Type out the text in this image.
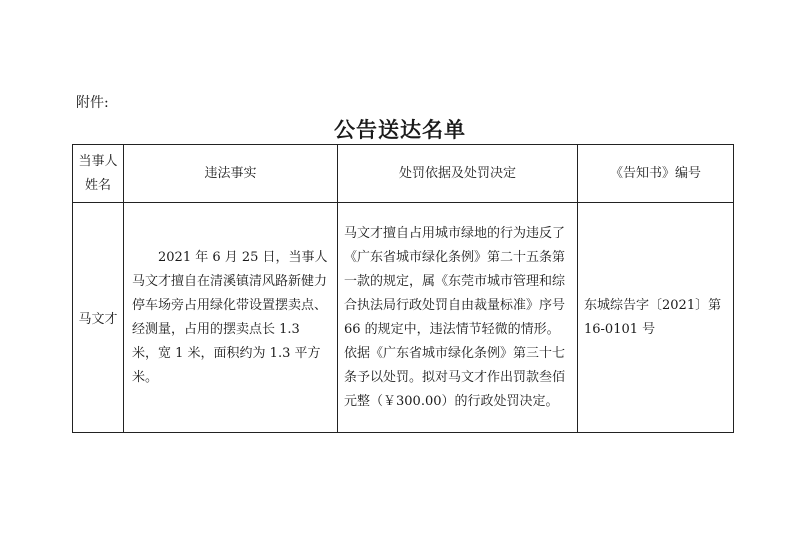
附件:
公告送达名单
当事人
姓名	违法事实	处罚依据及处罚决定	《告知书》编号
马文才	2021 年 6 月 25 日，当事人马文才擅自在清溪镇清风路新健力停车场旁占用绿化带设置摆卖点、经测量，占用的摆卖点长 1.3 米，宽 1 米，面积约为 1.3 平方米。	马文才擅自占用城市绿地的行为违反了《广东省城市绿化条例》第二十五条第一款的规定，属《东莞市城市管理和综合执法局行政处罚自由裁量标准》序号 66 的规定中，违法情节轻微的情形。依据《广东省城市绿化条例》第三十七条予以处罚。拟对马文才作出罚款叁佰元整（￥300.00）的行政处罚决定。	东城综告字〔2021〕第 16-0101 号
